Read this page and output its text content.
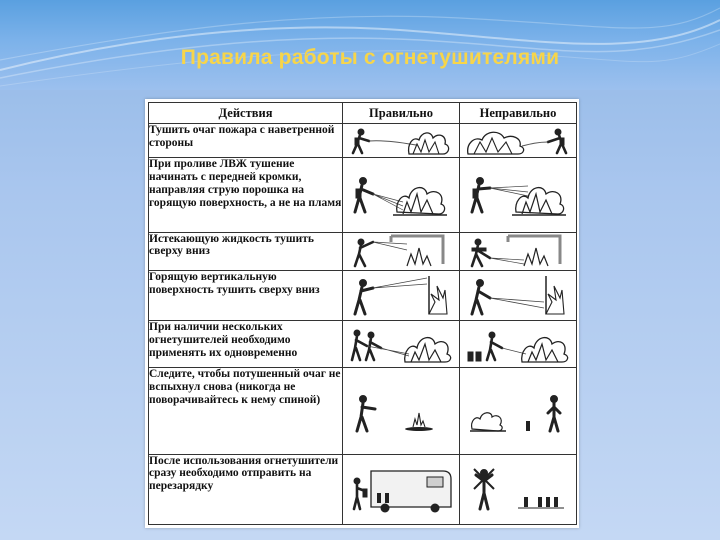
Правила работы с огнетушителями
Действия	Правильно	Неправильно
Тушить очаг пожара с наветренной стороны	

При проливе ЛВЖ тушение начинать с передней кромки, направляя струю порошка на горящую поверхность, а не на пламя	

Истекающую жидкость тушить сверху вниз	

Горящую вертикальную поверхность тушить сверху вниз	

При наличии нескольких огнетушителей необходимо применять их одновременно	

Следите, чтобы потушенный очаг не вспыхнул снова (никогда не поворачивайтесь к нему спиной)	

После использования огнетушители сразу необходимо отправить на перезарядку	
